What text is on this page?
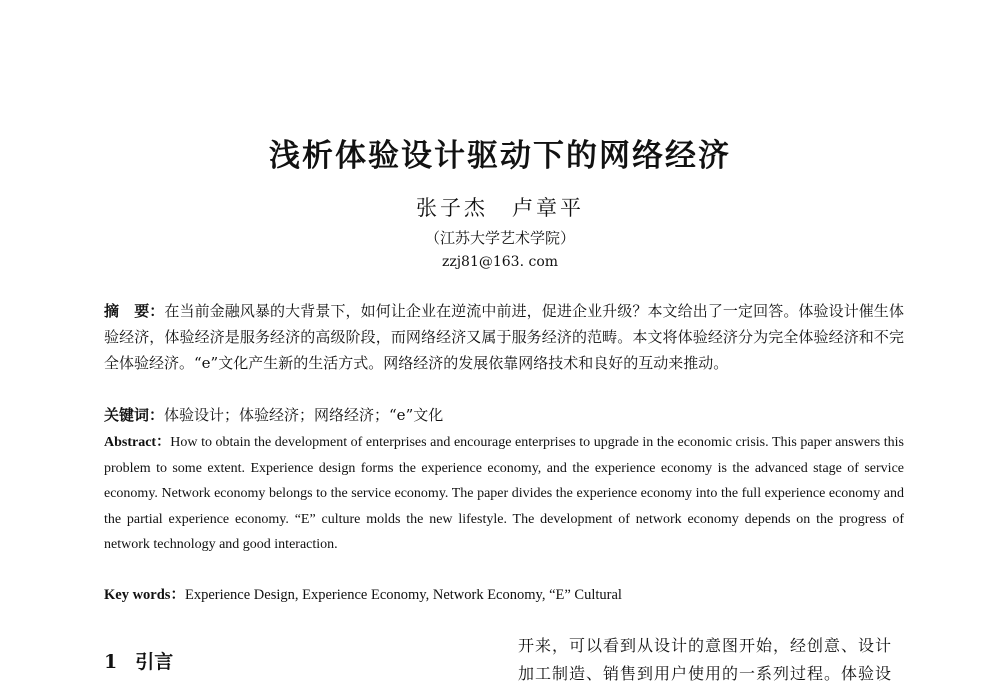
浅析体验设计驱动下的网络经济
张子杰　卢章平
（江苏大学艺术学院）
zzj81@163. com
摘　要：在当前金融风暴的大背景下，如何让企业在逆流中前进，促进企业升级？本文给出了一定回答。体验设计催生体验经济，体验经济是服务经济的高级阶段，而网络经济又属于服务经济的范畴。本文将体验经济分为完全体验经济和不完全体验经济。“e”文化产生新的生活方式。网络经济的发展依靠网络技术和良好的互动来推动。
关键词：体验设计；体验经济；网络经济；“e”文化
Abstract：How to obtain the development of enterprises and encourage enterprises to upgrade in the economic crisis. This paper answers this problem to some extent. Experience design forms the experience economy, and the experience economy is the advanced stage of service economy. Network economy belongs to the service economy. The paper divides the experience economy into the full experience economy and the partial experience economy. “E” culture molds the new lifestyle. The development of network economy depends on the progress of network technology and good interaction.
Key words：Experience Design, Experience Economy, Network Economy, “E” Cultural
1 引言
开来，可以看到从设计的意图开始，经创意、设计
加工制造、销售到用户使用的一系列过程。体验设
